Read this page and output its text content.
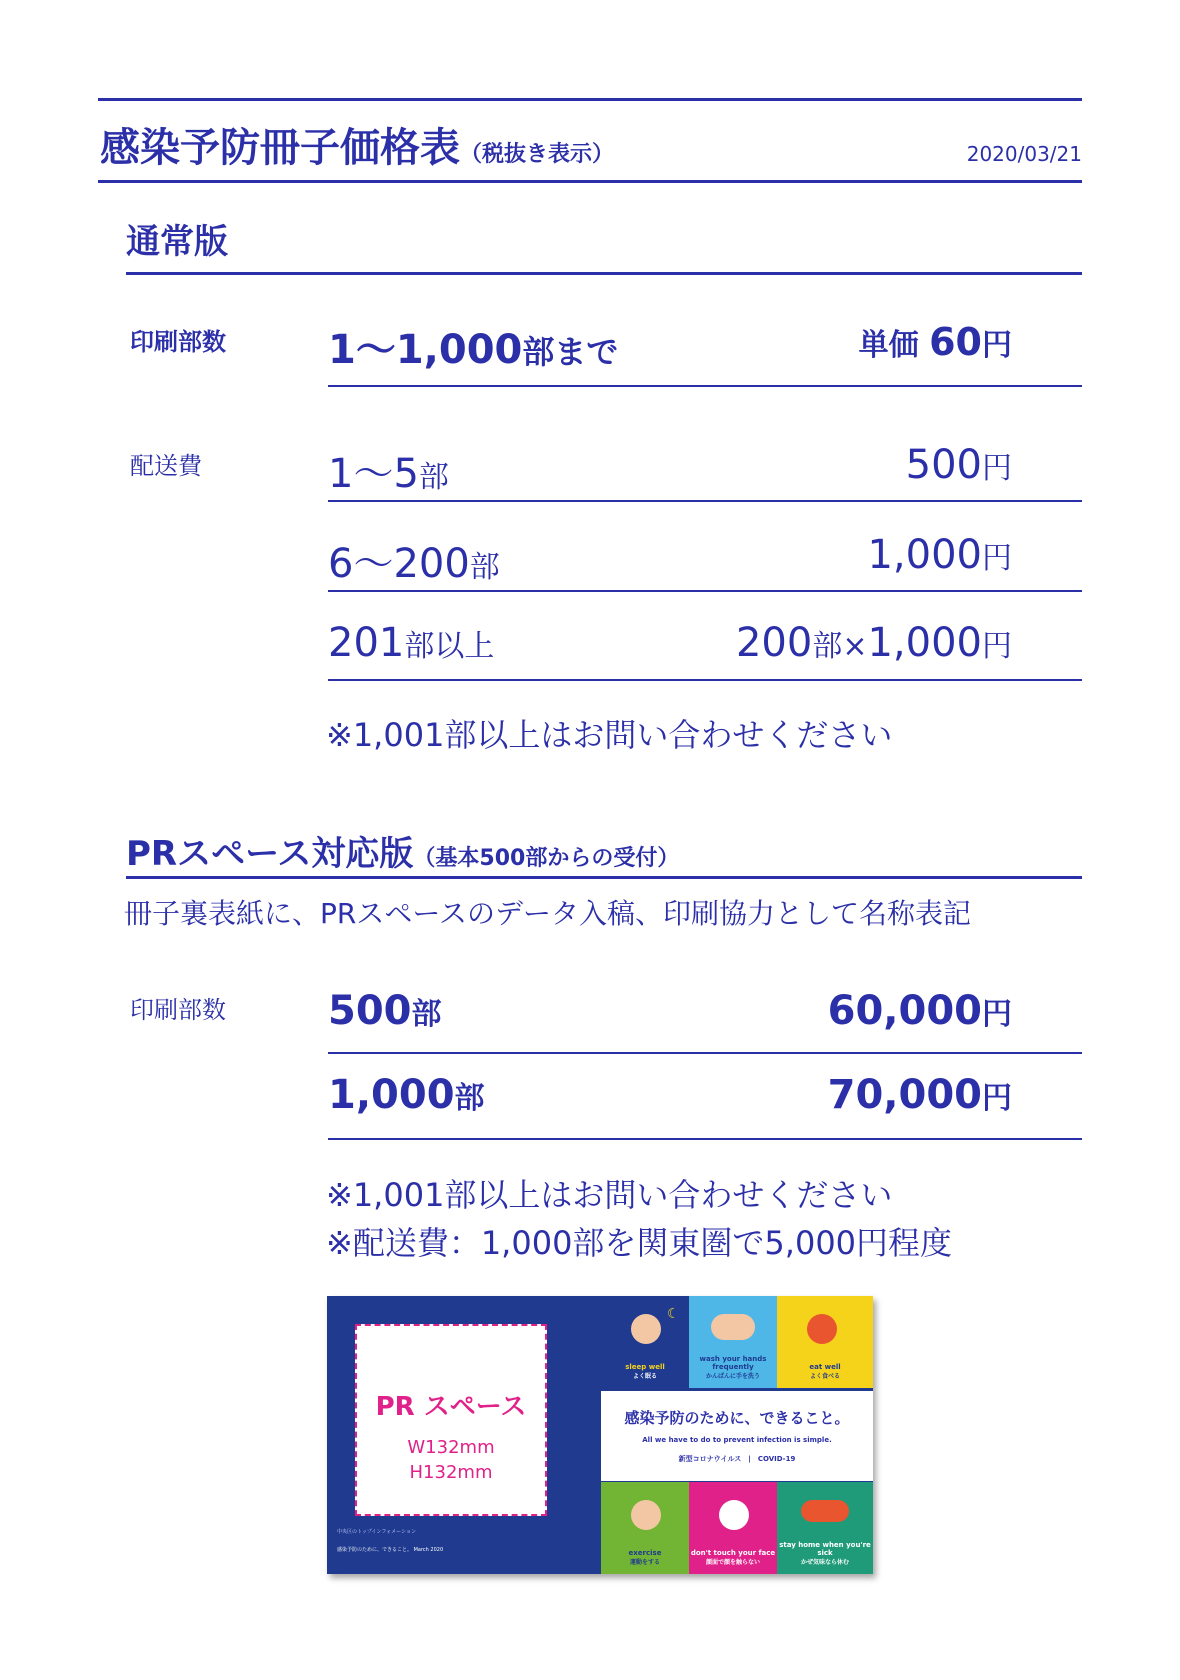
感染予防冊子価格表（税抜き表示）	2020/03/21
通常版
印刷部数	1〜1,000部まで	単価 60円
配送費	1〜5部	500円
6〜200部	1,000円
201部以上	200部×1,000円
※1,001部以上はお問い合わせください
PRスペース対応版（基本500部からの受付）
冊子裏表紙に、PRスペースのデータ入稿、印刷協力として名称表記
印刷部数	500部	60,000円
1,000部	70,000円
※1,001部以上はお問い合わせください
※配送費：1,000部を関東圏で5,000円程度
PR スペース
W132mm
H132mm
中央区のトップインフォメーション
感染予防のために、できること。 March 2020
☾
sleep well
よく眠る
wash your hands frequently
かんぱんに手を洗う
eat well
よく食べる
感染予防のために、できること。
All we have to do to prevent infection is simple.
新型コロナウイルス　|　COVID-19
exercise
運動をする
don't touch your face
顔面で顔を触らない
stay home when you're sick
かぜ気味なら休む
